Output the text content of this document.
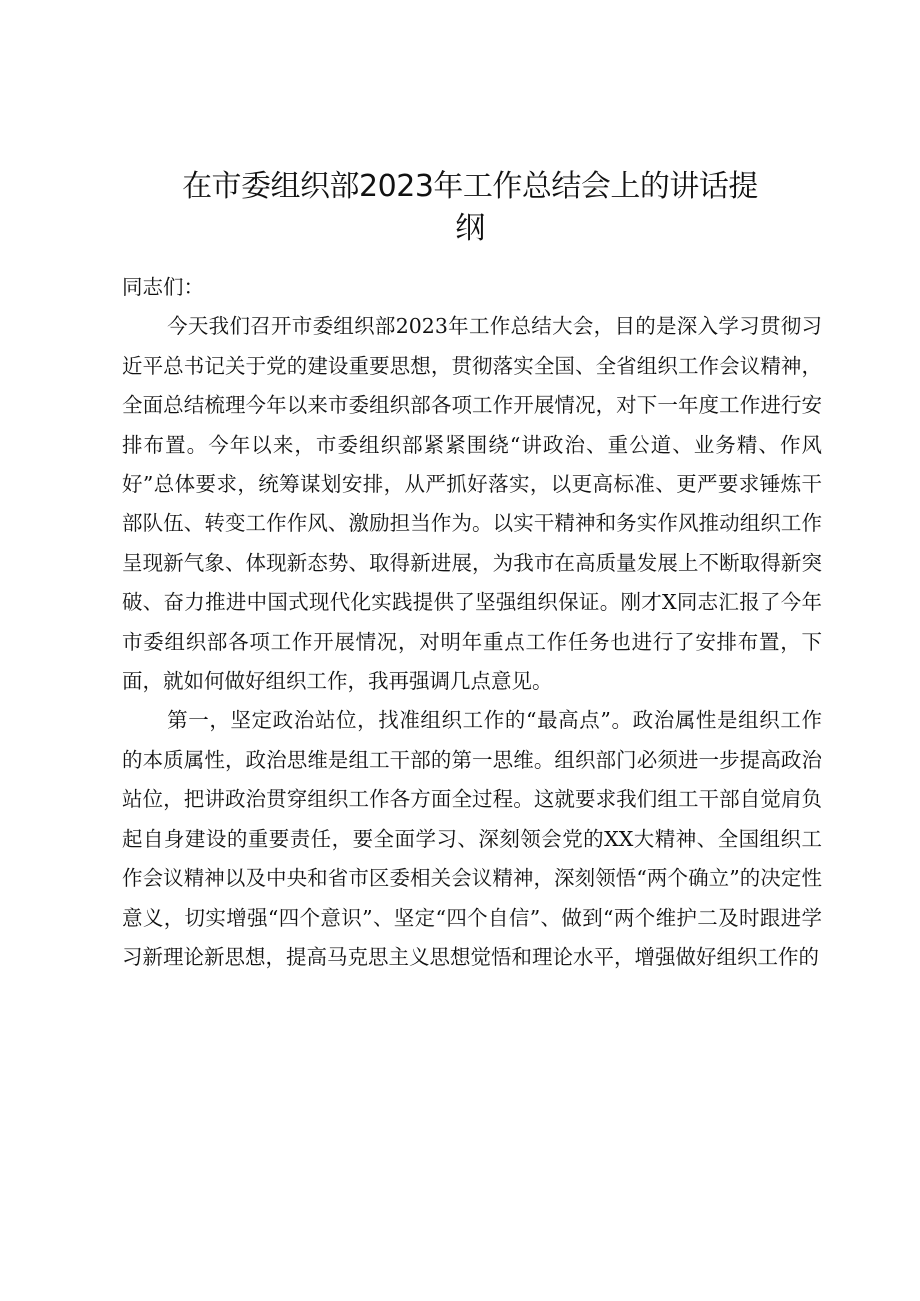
在市委组织部2023年工作总结会上的讲话提
纲

同志们：

今天我们召开市委组织部2023年工作总结大会，目的是深入学习贯彻习近平总书记关于党的建设重要思想，贯彻落实全国、全省组织工作会议精神，全面总结梳理今年以来市委组织部各项工作开展情况，对下一年度工作进行安排布置。今年以来，市委组织部紧紧围绕“讲政治、重公道、业务精、作风好”总体要求，统筹谋划安排，从严抓好落实，以更高标准、更严要求锤炼干部队伍、转变工作作风、激励担当作为。以实干精神和务实作风推动组织工作呈现新气象、体现新态势、取得新进展，为我市在高质量发展上不断取得新突破、奋力推进中国式现代化实践提供了坚强组织保证。刚才X同志汇报了今年市委组织部各项工作开展情况，对明年重点工作任务也进行了安排布置，下面，就如何做好组织工作，我再强调几点意见。

第一，坚定政治站位，找准组织工作的“最高点”。政治属性是组织工作的本质属性，政治思维是组工干部的第一思维。组织部门必须进一步提高政治站位，把讲政治贯穿组织工作各方面全过程。这就要求我们组工干部自觉肩负起自身建设的重要责任，要全面学习、深刻领会党的XX大精神、全国组织工作会议精神以及中央和省市区委相关会议精神，深刻领悟“两个确立”的决定性意义，切实增强“四个意识”、坚定“四个自信”、做到“两个维护二及时跟进学习新理论新思想，提高马克思主义思想觉悟和理论水平，增强做好组织工作的
